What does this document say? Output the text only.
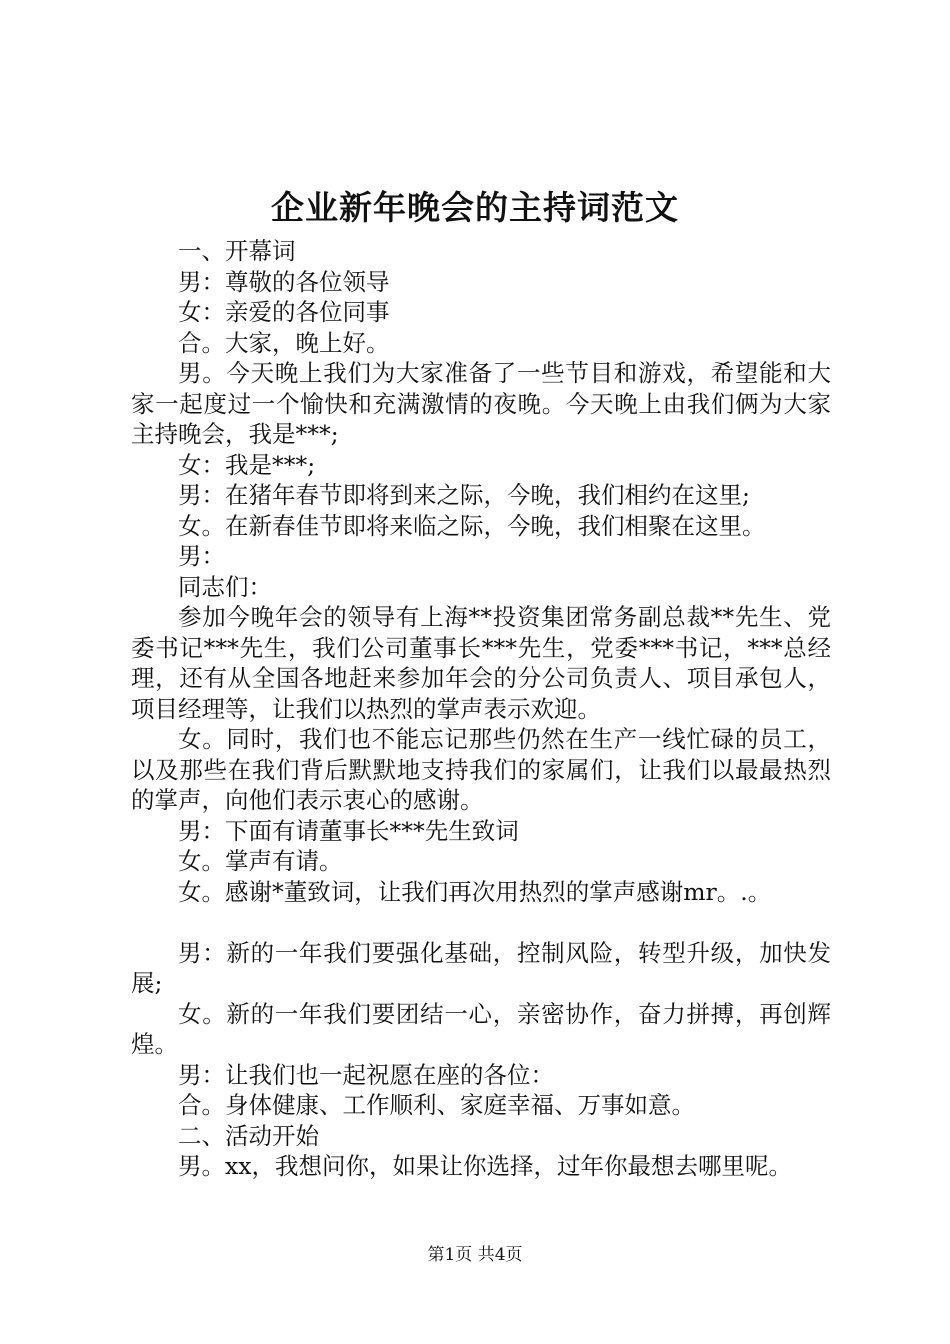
企业新年晚会的主持词范文

一、开幕词

男：尊敬的各位领导

女：亲爱的各位同事

合。大家，晚上好。

男。今天晚上我们为大家准备了一些节目和游戏，希望能和大家一起度过一个愉快和充满激情的夜晚。今天晚上由我们俩为大家主持晚会，我是***;

女：我是***;

男：在猪年春节即将到来之际，今晚，我们相约在这里;

女。在新春佳节即将来临之际，今晚，我们相聚在这里。

男：

同志们：

参加今晚年会的领导有上海**投资集团常务副总裁**先生、党委书记***先生，我们公司董事长***先生，党委***书记，***总经理，还有从全国各地赶来参加年会的分公司负责人、项目承包人，项目经理等，让我们以热烈的掌声表示欢迎。

女。同时，我们也不能忘记那些仍然在生产一线忙碌的员工，以及那些在我们背后默默地支持我们的家属们，让我们以最最热烈的掌声，向他们表示衷心的感谢。

男：下面有请董事长***先生致词

女。掌声有请。

女。感谢*董致词，让我们再次用热烈的掌声感谢mr。.。

男：新的一年我们要强化基础，控制风险，转型升级，加快发展;

女。新的一年我们要团结一心，亲密协作，奋力拼搏，再创辉煌。

男：让我们也一起祝愿在座的各位：

合。身体健康、工作顺利、家庭幸福、万事如意。

二、活动开始

男。xx，我想问你，如果让你选择，过年你最想去哪里呢。

第1页 共4页
